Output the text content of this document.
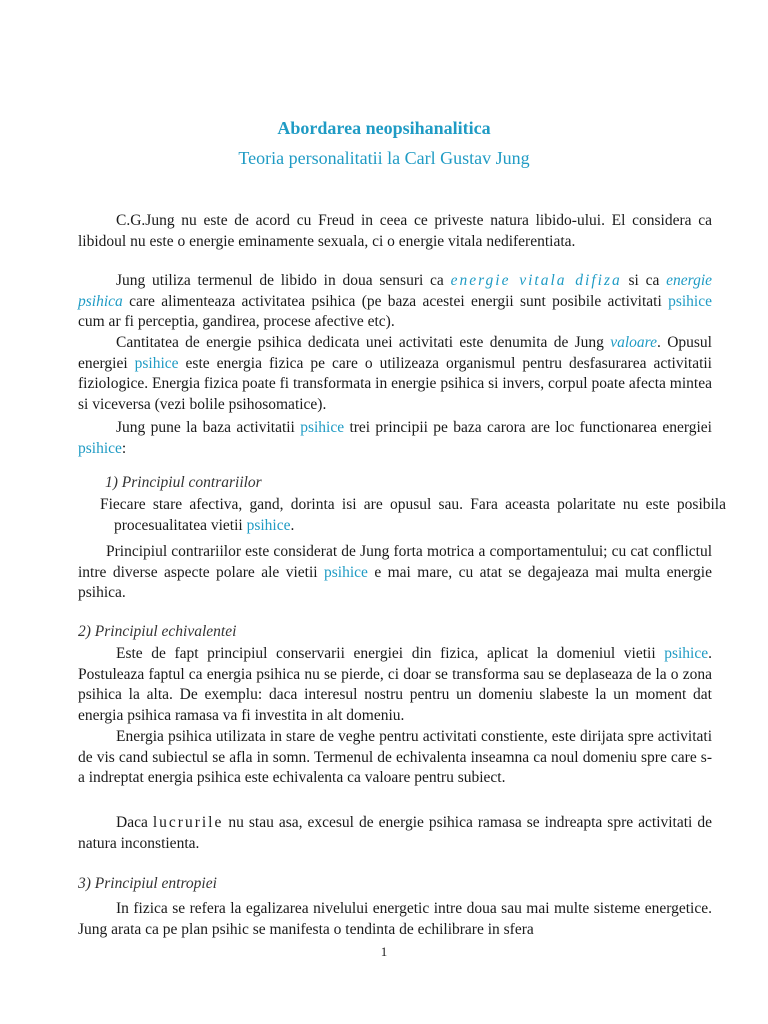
Abordarea neopsihanalitica
Teoria personalitatii la Carl Gustav Jung
C.G.Jung nu este de acord cu Freud in ceea ce priveste natura libido-ului. El considera ca libidoul nu este o energie eminamente sexuala, ci o energie vitala nediferentiata.
Jung utiliza termenul de libido in doua sensuri ca energie vitala difiza si ca energie psihica care alimenteaza activitatea psihica (pe baza acestei energii sunt posibile activitati psihice cum ar fi perceptia, gandirea, procese afective etc).
Cantitatea de energie psihica dedicata unei activitati este denumita de Jung valoare. Opusul energiei psihice este energia fizica pe care o utilizeaza organismul pentru desfasurarea activitatii fiziologice. Energia fizica poate fi transformata in energie psihica si invers, corpul poate afecta mintea si viceversa (vezi bolile psihosomatice).
Jung pune la baza activitatii psihice trei principii pe baza carora are loc functionarea energiei psihice:
1) Principiul contrariilor
Fiecare stare afectiva, gand, dorinta isi are opusul sau. Fara aceasta polaritate nu este posibila procesualitatea vietii psihice.
Principiul contrariilor este considerat de Jung forta motrica a comportamentului; cu cat conflictul intre diverse aspecte polare ale vietii psihice e mai mare, cu atat se degajeaza mai multa energie psihica.
2) Principiul echivalentei
Este de fapt principiul conservarii energiei din fizica, aplicat la domeniul vietii psihice. Postuleaza faptul ca energia psihica nu se pierde, ci doar se transforma sau se deplaseaza de la o zona psihica la alta. De exemplu: daca interesul nostru pentru un domeniu slabeste la un moment dat energia psihica ramasa va fi investita in alt domeniu.
Energia psihica utilizata in stare de veghe pentru activitati constiente, este dirijata spre activitati de vis cand subiectul se afla in somn. Termenul de echivalenta inseamna ca noul domeniu spre care s-a indreptat energia psihica este echivalenta ca valoare pentru subiect.
Daca lucrurile nu stau asa, excesul de energie psihica ramasa se indreapta spre activitati de natura inconstienta.
3) Principiul entropiei
In fizica se refera la egalizarea nivelului energetic intre doua sau mai multe sisteme energetice. Jung arata ca pe plan psihic se manifesta o tendinta de echilibrare in sfera
1
